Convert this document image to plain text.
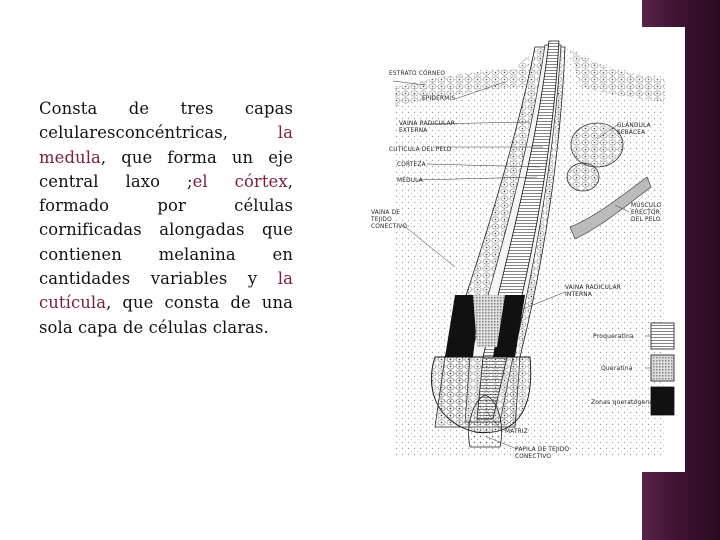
Consta de tres capas celularesconcéntricas, la medula, que forma un eje central laxo ;el córtex, formado por células cornificadas alongadas que contienen melanina en cantidades variables y la cutícula, que consta de una sola capa de células claras.
ESTRATO CÓRNEO
EPIDERMIS
VAINA RADICULAR
EXTERNA
GLÁNDULA
SEBÁCEA
CUTÍCULA DEL PELO
CORTEZA
MÉDULA
VAINA DE
TEJIDO
CONECTIVO
MÚSCULO
ERECTOR
DEL PELO
VAINA RADICULAR
INTERNA
Proqueratina
Queratina
Zonas queratógenas
MATRIZ
PAPILA DE TEJIDO
CONECTIVO
